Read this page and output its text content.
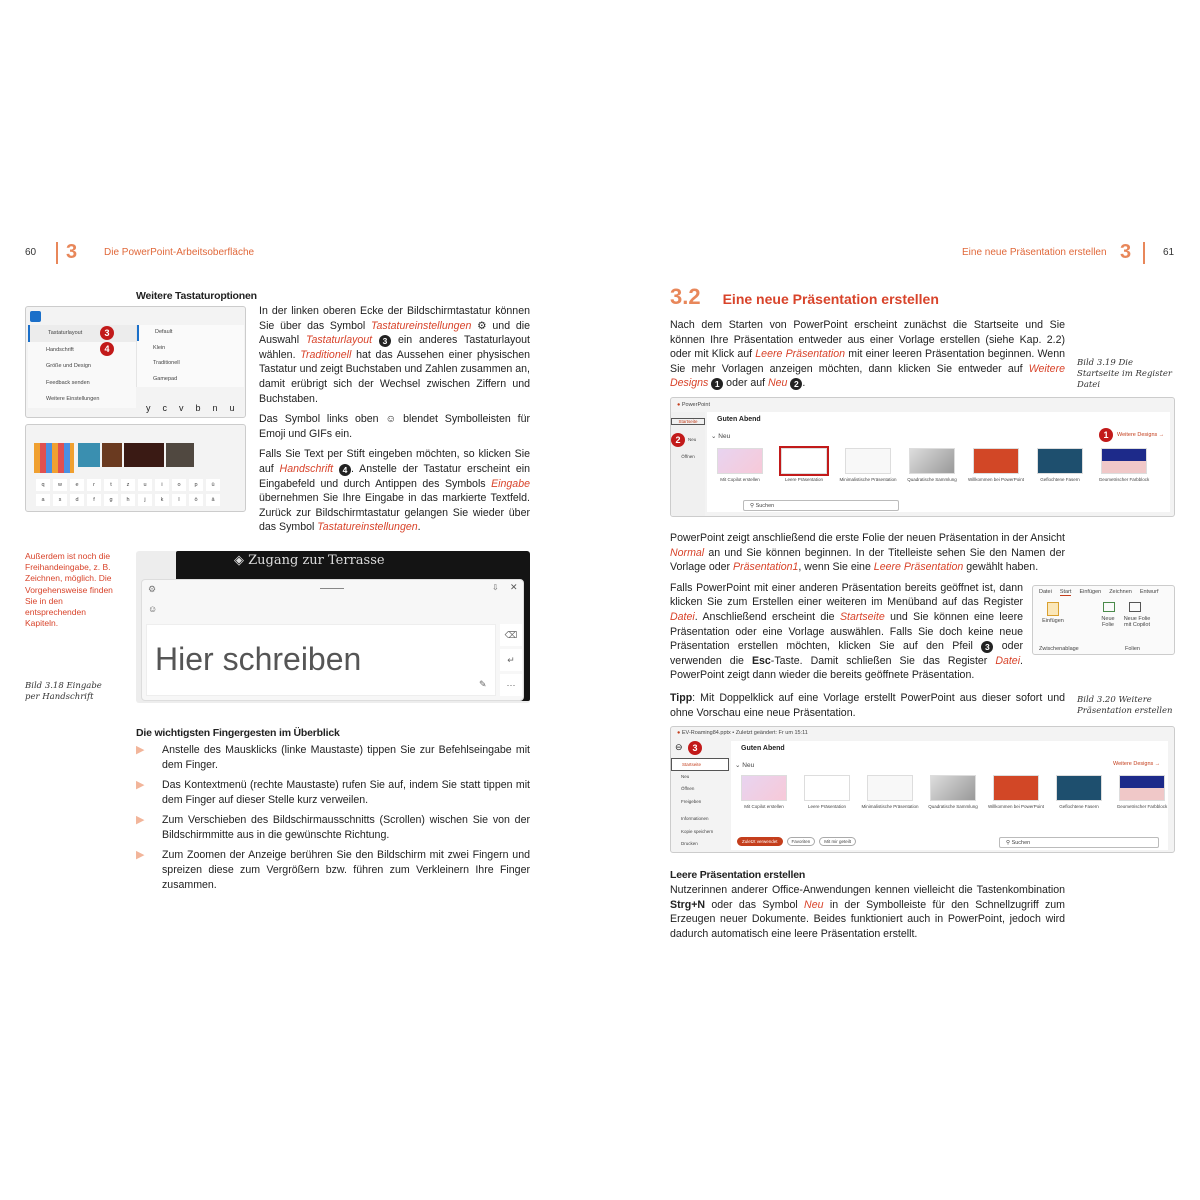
60 3	Die PowerPoint-Arbeitsoberfläche	Eine neue Präsentation erstellen 3	61
Weitere Tastaturoptionen
Tastaturlayout
Handschrift
Größe und Design
Feedback senden
Weitere Einstellungen
Default
Klein
Traditionell
Gamepad
3
4
y c v b n u
q	w	e	r	t	z	u	i	o	p	ü
a	s	d	f	g	h	j	k	l	ö	ä
In der linken oberen Ecke der Bildschirmtastatur können Sie über das Symbol Tastatureinstellungen ⚙ und die Auswahl Tastaturlayout 3 ein anderes Tastaturlayout wählen. Traditionell hat das Aussehen einer physischen Tastatur und zeigt Buchstaben und Zahlen zusammen an, damit erübrigt sich der Wechsel zwischen Ziffern und Buchstaben.
Das Symbol links oben ☺ blendet Symbolleisten für Emoji und GIFs ein.
Falls Sie Text per Stift eingeben möchten, so klicken Sie auf Handschrift 4 . Anstelle der Tastatur erscheint ein Eingabefeld und durch Antippen des Symbols Eingabe übernehmen Sie Ihre Eingabe in das markierte Textfeld. Zurück zur Bildschirmtastatur gelangen Sie wieder über das Symbol Tastatureinstellungen.
Außerdem ist noch die Freihandeingabe, z. B. Zeichnen, möglich. Die Vorgehensweise finden Sie in den entsprechenden Kapiteln.
Bild 3.18 Eingabe per Handschrift
◈ Zugang zur Terrasse
⚙	⇩ ✕
☺
Hier schreiben
✎
⌫
↵
⋯
Die wichtigsten Fingergesten im Überblick
▶	Anstelle des Mausklicks (linke Maustaste) tippen Sie zur Befehlseingabe mit dem Finger.
▶	Das Kontextmenü (rechte Maustaste) rufen Sie auf, indem Sie statt tippen mit dem Finger auf dieser Stelle kurz verweilen.
▶	Zum Verschieben des Bildschirmausschnitts (Scrollen) wischen Sie von der Bildschirmmitte aus in die gewünschte Richtung.
▶	Zum Zoomen der Anzeige berühren Sie den Bildschirm mit zwei Fingern und spreizen diese zum Vergrößern bzw. führen zum Verkleinern Ihre Finger zusammen.
3.2 Eine neue Präsentation erstellen
Nach dem Starten von PowerPoint erscheint zunächst die Startseite und Sie können Ihre Präsentation entweder aus einer Vorlage erstellen (siehe Kap. 2.2) oder mit Klick auf Leere Präsentation mit einer leeren Präsentation beginnen. Wenn Sie mehr Vorlagen anzeigen möchten, dann klicken Sie entweder auf Weitere Designs 1 oder auf Neu 2 .
Bild 3.19 Die Startseite im Register Datei
● PowerPoint
Startseite
Neu
Öffnen
2
Guten Abend
⌄ Neu	1	Weitere Designs →
Mit Copilot erstellen	Leere Präsentation	Minimalistische Präsentation	Quadratische Sammlung	Willkommen bei PowerPoint	Geflochtene Fasern	Geometrischer Farbblock
⚲ Suchen
PowerPoint zeigt anschließend die erste Folie der neuen Präsentation in der Ansicht Normal an und Sie können beginnen. In der Titelleiste sehen Sie den Namen der Vorlage oder Präsentation1, wenn Sie eine Leere Präsentation gewählt haben.
Falls PowerPoint mit einer anderen Präsentation bereits geöffnet ist, dann klicken Sie zum Erstellen einer weiteren im Menüband auf das Register Datei. Anschließend erscheint die Startseite und Sie können eine leere Präsentation oder eine Vorlage auswählen. Falls Sie doch keine neue Präsentation erstellen möchten, klicken Sie auf den Pfeil 3 oder verwenden die Esc-Taste. Damit schließen Sie das Register Datei. PowerPoint zeigt dann wieder die bereits geöffnete Präsentation.
Datei Start Einfügen Zeichnen Entwurf
Einfügen	Neue Folie
Neue Folie mit Copilot
Zwischenablage	Folien
Tipp: Mit Doppelklick auf eine Vorlage erstellt PowerPoint aus dieser sofort und ohne Vorschau eine neue Präsentation.
Bild 3.20 Weitere Präsentation erstellen
● EV-Roaming84.pptx • Zuletzt geändert: Fr um 15:11
⊖	3
Startseite
Neu
Öffnen
Freigeben
Informationen
Kopie speichern
Drucken
Guten Abend
⌄ Neu	Weitere Designs →
Mit Copilot erstellen	Leere Präsentation	Minimalistische Präsentation	Quadratische Sammlung	Willkommen bei PowerPoint	Geflochtene Fasern	Geometrischer Farbblock
Zuletzt verwendet	Favoriten	Mit mir geteilt	⚲ Suchen
Leere Präsentation erstellen
Nutzerinnen anderer Office-Anwendungen kennen vielleicht die Tastenkombination Strg+N oder das Symbol Neu in der Symbolleiste für den Schnellzugriff zum Erzeugen neuer Dokumente. Beides funktioniert auch in PowerPoint, jedoch wird dadurch automatisch eine leere Präsentation erstellt.
